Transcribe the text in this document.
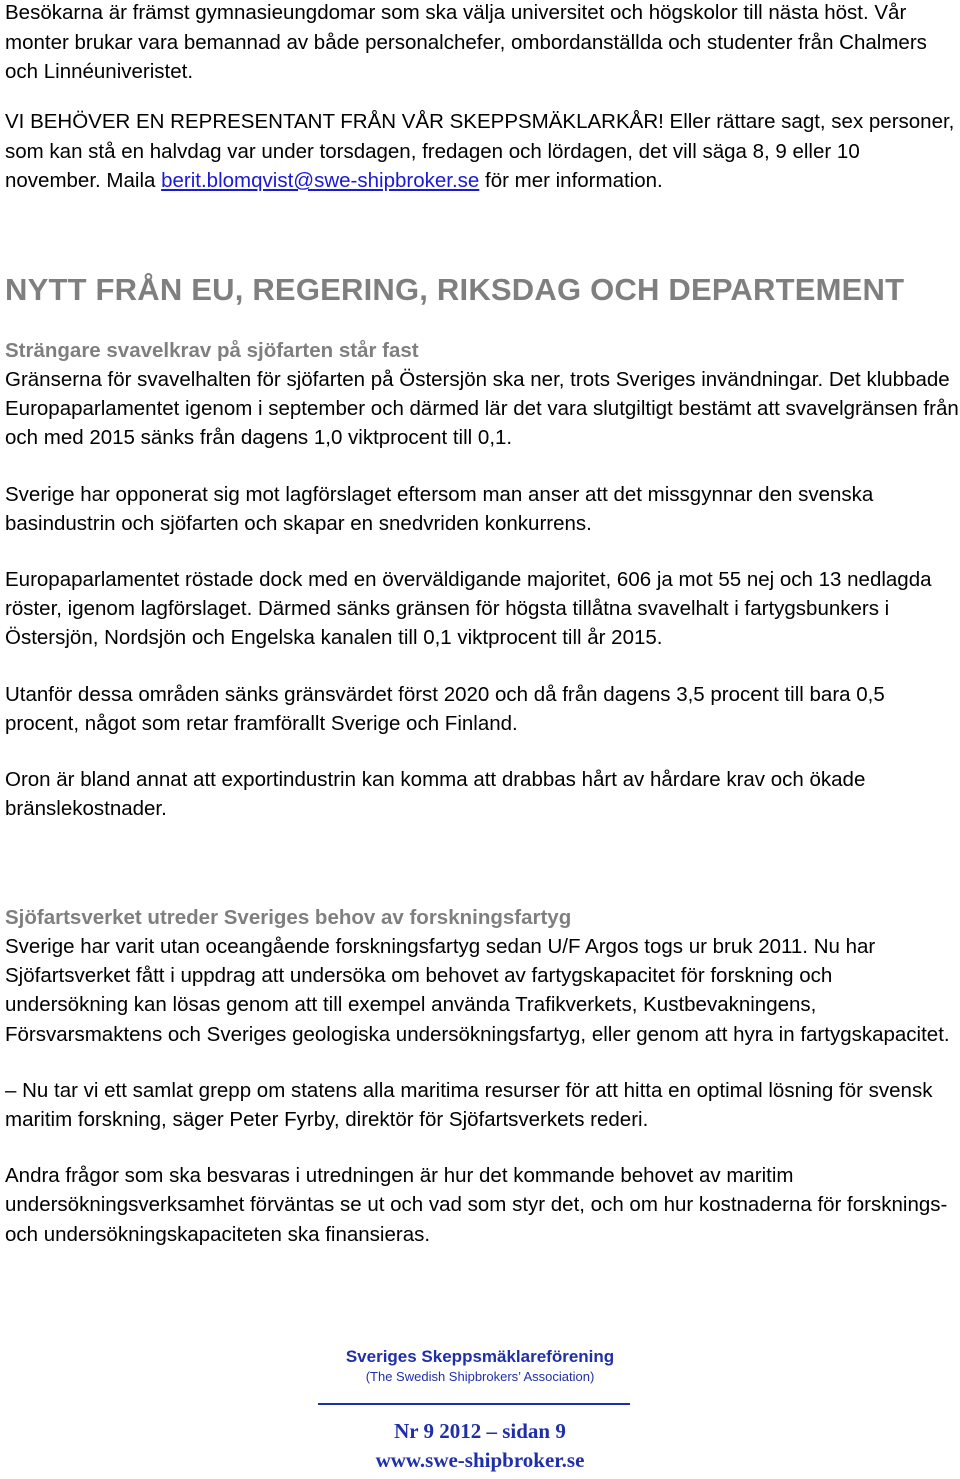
Besökarna är främst gymnasieungdomar som ska välja universitet och högskolor till nästa höst. Vår monter brukar vara bemannad av både personalchefer, ombordanställda och studenter från Chalmers och Linnéuniveristet.

VI BEHÖVER EN REPRESENTANT FRÅN VÅR SKEPPSMÄKLARKÅR! Eller rättare sagt, sex personer, som kan stå en halvdag var under torsdagen, fredagen och lördagen, det vill säga 8, 9 eller 10 november. Maila berit.blomqvist@swe-shipbroker.se för mer information.

NYTT FRÅN EU, REGERING, RIKSDAG OCH DEPARTEMENT

Strängare svavelkrav på sjöfarten står fast

Gränserna för svavelhalten för sjöfarten på Östersjön ska ner, trots Sveriges invändningar. Det klubbade Europaparlamentet igenom i september och därmed lär det vara slutgiltigt bestämt att svavelgränsen från och med 2015 sänks från dagens 1,0 viktprocent till 0,1.

Sverige har opponerat sig mot lagförslaget eftersom man anser att det missgynnar den svenska basindustrin och sjöfarten och skapar en snedvriden konkurrens.

Europaparlamentet röstade dock med en överväldigande majoritet, 606 ja mot 55 nej och 13 nedlagda röster, igenom lagförslaget. Därmed sänks gränsen för högsta tillåtna svavelhalt i fartygsbunkers i Östersjön, Nordsjön och Engelska kanalen till 0,1 viktprocent till år 2015.

Utanför dessa områden sänks gränsvärdet först 2020 och då från dagens 3,5 procent till bara 0,5 procent, något som retar framförallt Sverige och Finland.

Oron är bland annat att exportindustrin kan komma att drabbas hårt av hårdare krav och ökade bränslekostnader.

Sjöfartsverket utreder Sveriges behov av forskningsfartyg

Sverige har varit utan oceangående forskningsfartyg sedan U/F Argos togs ur bruk 2011. Nu har Sjöfartsverket fått i uppdrag att undersöka om behovet av fartygskapacitet för forskning och undersökning kan lösas genom att till exempel använda Trafikverkets, Kustbevakningens, Försvarsmaktens och Sveriges geologiska undersökningsfartyg, eller genom att hyra in fartygskapacitet.

– Nu tar vi ett samlat grepp om statens alla maritima resurser för att hitta en optimal lösning för svensk maritim forskning, säger Peter Fyrby, direktör för Sjöfartsverkets rederi.

Andra frågor som ska besvaras i utredningen är hur det kommande behovet av maritim undersökningsverksamhet förväntas se ut och vad som styr det, och om hur kostnaderna för forsknings- och undersökningskapaciteten ska finansieras.

Sveriges Skeppsmäklareförening
(The Swedish Shipbrokers’ Association)
Nr 9 2012 – sidan 9
www.swe-shipbroker.se
